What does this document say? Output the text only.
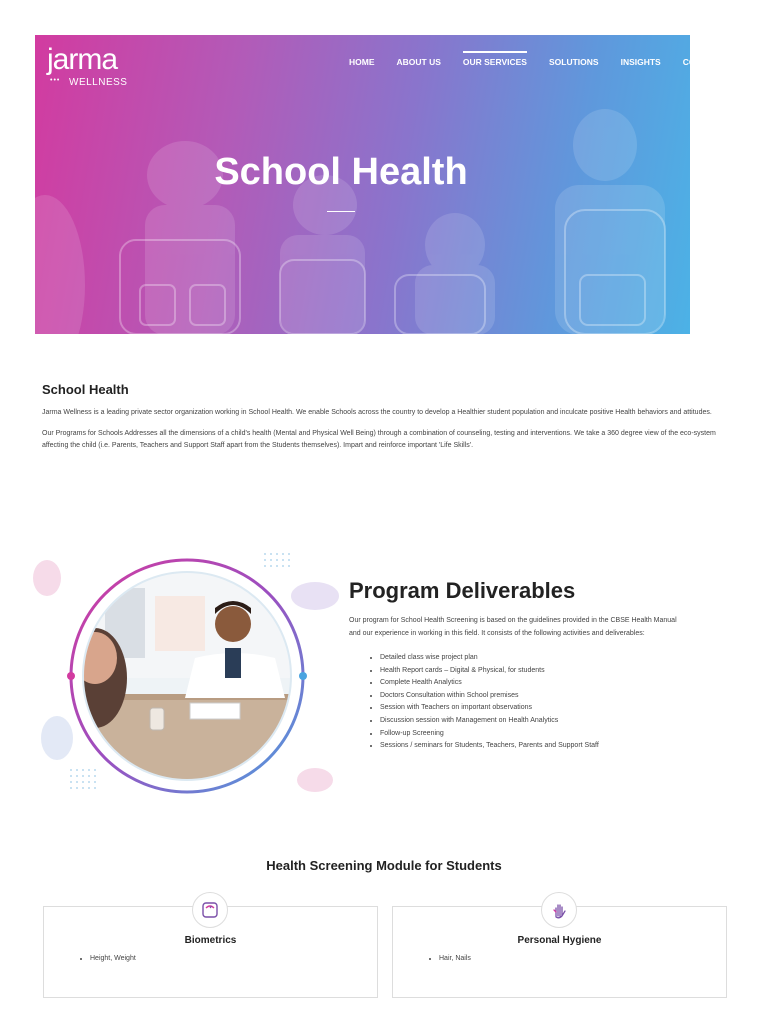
jarma
••• WELLNESS
HOME	ABOUT US	OUR SERVICES	SOLUTIONS	INSIGHTS	CONTACT US
School Health
School Health

Jarma Wellness is a leading private sector organization working in School Health. We enable Schools across the country to develop a Healthier student population and inculcate positive Health behaviors and attitudes.

Our Programs for Schools Addresses all the dimensions of a child's health (Mental and Physical Well Being) through a combination of counseling, testing and interventions. We take a 360 degree view of the eco-system affecting the child (i.e. Parents, Teachers and Support Staff apart from the Students themselves). Impart and reinforce important 'Life Skills'.

Program Deliverables

Our program for School Health Screening is based on the guidelines provided in the CBSE Health Manual and our experience in working in this field. It consists of the following activities and deliverables:

• Detailed class wise project plan
• Health Report cards – Digital & Physical, for students
• Complete Health Analytics
• Doctors Consultation within School premises
• Session with Teachers on important observations
• Discussion session with Management on Health Analytics
• Follow-up Screening
• Sessions / seminars for Students, Teachers, Parents and Support Staff
Health Screening Module for Students
Biometrics
• Height, Weight
Personal Hygiene
• Hair, Nails
